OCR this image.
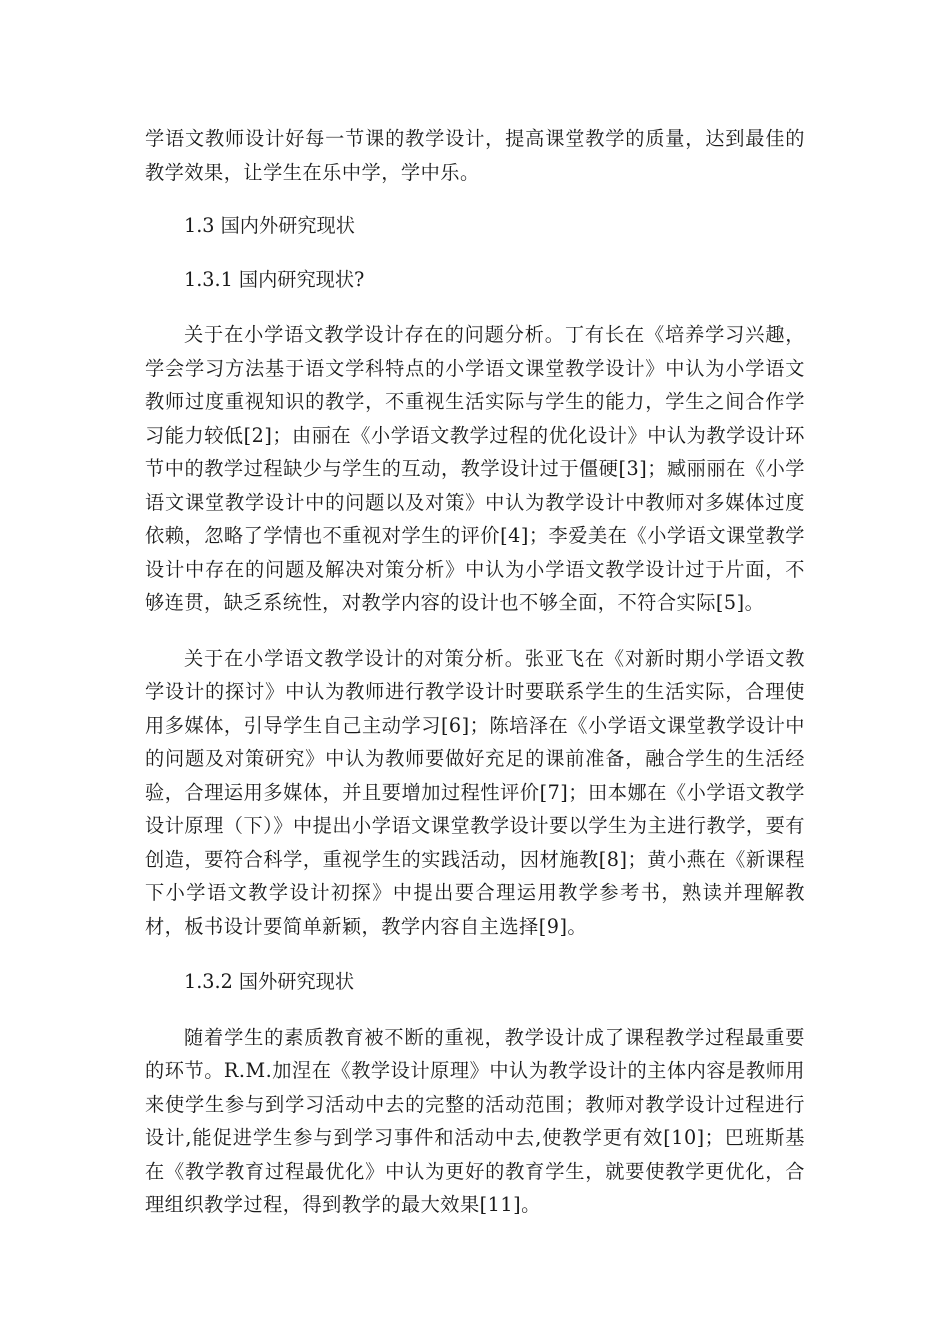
学语文教师设计好每一节课的教学设计，提高课堂教学的质量，达到最佳的教学效果，让学生在乐中学，学中乐。

1.3 国内外研究现状

1.3.1 国内研究现状?

关于在小学语文教学设计存在的问题分析。丁有长在《培养学习兴趣，学会学习方法基于语文学科特点的小学语文课堂教学设计》中认为小学语文教师过度重视知识的教学，不重视生活实际与学生的能力，学生之间合作学习能力较低[2]；由丽在《小学语文教学过程的优化设计》中认为教学设计环节中的教学过程缺少与学生的互动，教学设计过于僵硬[3]；臧丽丽在《小学语文课堂教学设计中的问题以及对策》中认为教学设计中教师对多媒体过度依赖，忽略了学情也不重视对学生的评价[4]；李爱美在《小学语文课堂教学设计中存在的问题及解决对策分析》中认为小学语文教学设计过于片面，不够连贯，缺乏系统性，对教学内容的设计也不够全面，不符合实际[5]。

关于在小学语文教学设计的对策分析。张亚飞在《对新时期小学语文教学设计的探讨》中认为教师进行教学设计时要联系学生的生活实际，合理使用多媒体，引导学生自己主动学习[6]；陈培泽在《小学语文课堂教学设计中的问题及对策研究》中认为教师要做好充足的课前准备，融合学生的生活经验，合理运用多媒体，并且要增加过程性评价[7]；田本娜在《小学语文教学设计原理（下）》中提出小学语文课堂教学设计要以学生为主进行教学，要有创造，要符合科学，重视学生的实践活动，因材施教[8]；黄小燕在《新课程下小学语文教学设计初探》中提出要合理运用教学参考书，熟读并理解教材，板书设计要简单新颖，教学内容自主选择[9]。

1.3.2 国外研究现状

随着学生的素质教育被不断的重视，教学设计成了课程教学过程最重要的环节。R.M.加涅在《教学设计原理》中认为教学设计的主体内容是教师用来使学生参与到学习活动中去的完整的活动范围；教师对教学设计过程进行设计,能促进学生参与到学习事件和活动中去,使教学更有效[10]；巴班斯基在《教学教育过程最优化》中认为更好的教育学生，就要使教学更优化，合理组织教学过程，得到教学的最大效果[11]。
